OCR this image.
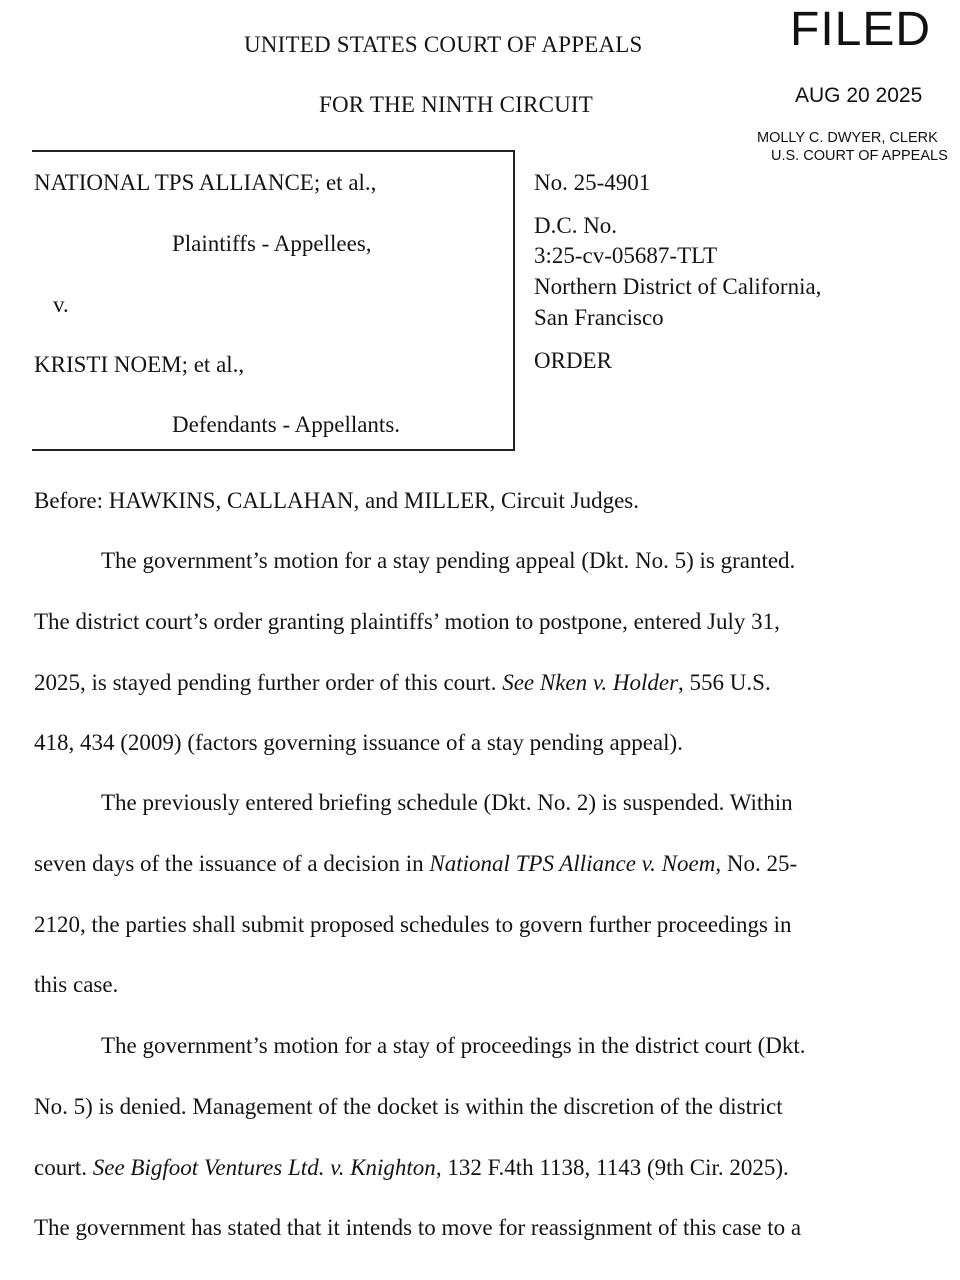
UNITED STATES COURT OF APPEALS
FOR THE NINTH CIRCUIT
FILED
AUG 20 2025
MOLLY C. DWYER, CLERK
U.S. COURT OF APPEALS
NATIONAL TPS ALLIANCE; et al.,
Plaintiffs - Appellees,
v.
KRISTI NOEM; et al.,
Defendants - Appellants.
No. 25-4901
D.C. No.
3:25-cv-05687-TLT
Northern District of California,
San Francisco
ORDER
Before: HAWKINS, CALLAHAN, and MILLER, Circuit Judges.
The government’s motion for a stay pending appeal (Dkt. No. 5) is granted.
The district court’s order granting plaintiffs’ motion to postpone, entered July 31,
2025, is stayed pending further order of this court. See Nken v. Holder, 556 U.S.
418, 434 (2009) (factors governing issuance of a stay pending appeal).
The previously entered briefing schedule (Dkt. No. 2) is suspended. Within
seven days of the issuance of a decision in National TPS Alliance v. Noem, No. 25-
2120, the parties shall submit proposed schedules to govern further proceedings in
this case.
The government’s motion for a stay of proceedings in the district court (Dkt.
No. 5) is denied. Management of the docket is within the discretion of the district
court. See Bigfoot Ventures Ltd. v. Knighton, 132 F.4th 1138, 1143 (9th Cir. 2025).
The government has stated that it intends to move for reassignment of this case to a
